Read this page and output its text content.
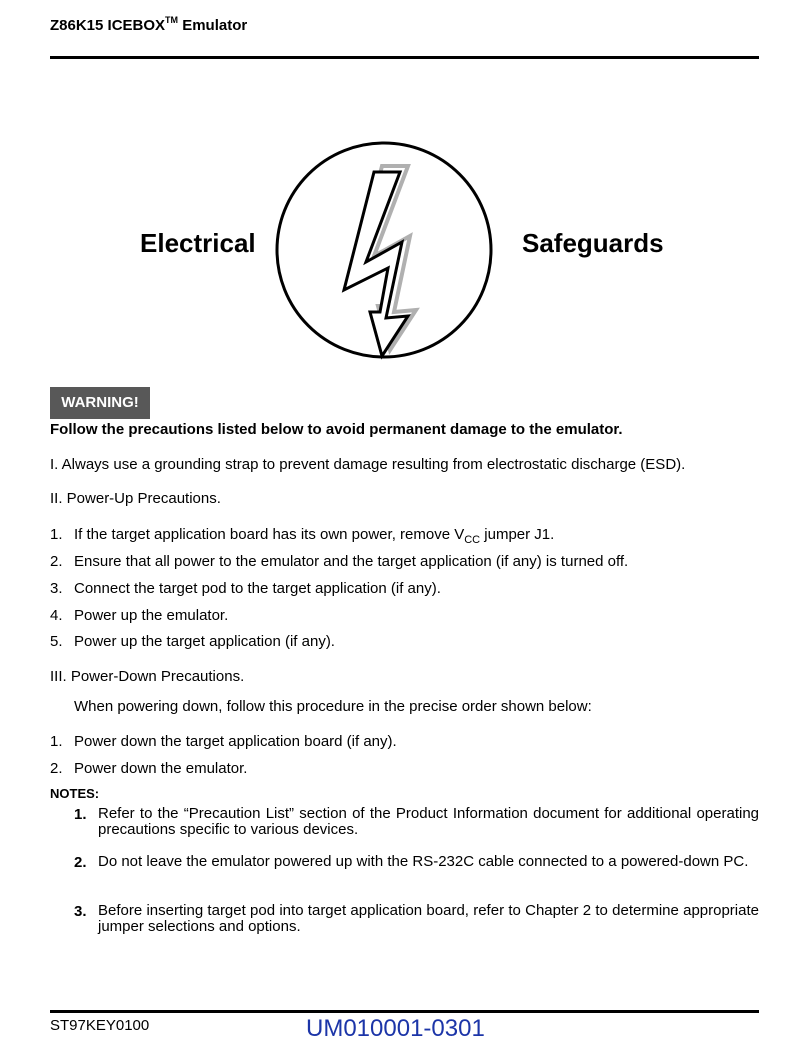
Z86K15 ICEBOX™ Emulator
Electrical	Safeguards
WARNING!
Follow the precautions listed below to avoid permanent damage to the emulator.
I. Always use a grounding strap to prevent damage resulting from electrostatic discharge (ESD).
II. Power-Up Precautions.
1. If the target application board has its own power, remove $V_{CC}$ jumper J1.
2. Ensure that all power to the emulator and the target application (if any) is turned off.
3. Connect the target pod to the target application (if any).
4. Power up the emulator.
5. Power up the target application (if any).
III. Power-Down Precautions.
When powering down, follow this procedure in the precise order shown below:
1. Power down the target application board (if any).
2. Power down the emulator.
NOTES:
1. Refer to the “Precaution List” section of the Product Information document for additional operating precautions specific to various devices.
2. Do not leave the emulator powered up with the RS-232C cable connected to a powered-down PC.
3. Before inserting target pod into target application board, refer to Chapter 2 to determine appropriate jumper selections and options.
ST97KEY0100	UM010001-0301
